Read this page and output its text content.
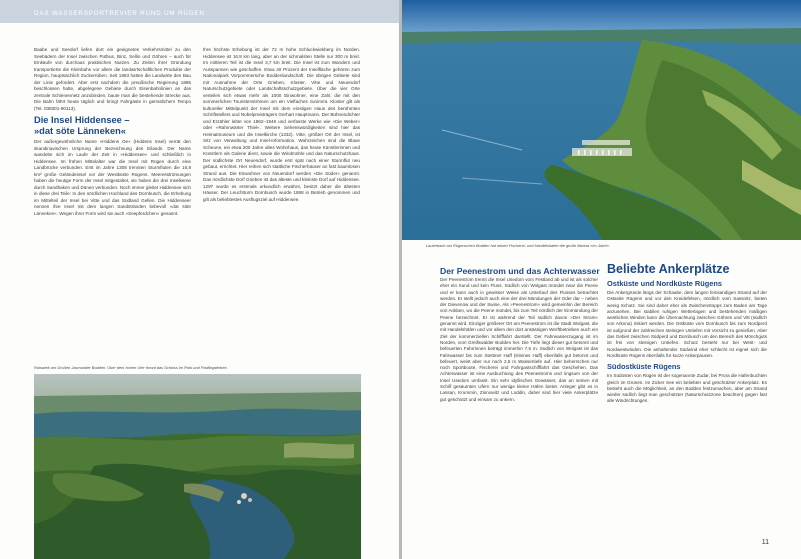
DAS WASSERSPORTREVIER RUND UM RÜGEN

Baabe und Seedorf liefen dort ein geeignetes Verkehrsmittel zu den Seebädern der Insel zwischen Putbus, Binz, Sellin und Göhren – auch für Einkäufe von durchaus praktischen Nutzen. Zu Zeiten ihrer Gründung transportierte die Kleinbahn vor allem die landwirtschaftlichen Produkte der Region, hauptsächlich Zuckerrüben. Seit 1883 hatten die Landwirte den Bau der Linie gefordert. Aber erst nachdem die preußische Regierung 1895 beschlossen hatte, abgelegene Gebiete durch Eisenbahnlinien an das zentrale Schienennetz anzubinden, baute man die bestehende Strecke aus. Die Bahn fährt heute täglich und bringt Fahrgäste in gemütlichem Tempo (Tel. 038301-80113).

Die Insel Hiddensee –
»dat söte Länneken«

Der außergewöhnliche Name »Hiddens Oe« (Hiddens Insel) verrät den skandinavischen Ursprung der Bezeichnung des Eilands. Der Name wandelte sich im Laufe der Zeit in »Hiddensee« und schließlich in Hiddensee. Im frühen Mittelalter war die Insel mit Rügen durch eine Landbrücke verbunden. Erst im Jahre 1308 trennten Sturmfluten die 16,8 km² große Geländeinsel vor der Westküste Rügens. Meeresströmungen haben die heutige Form der Insel mitgestaltet, sie haben die drei Inselkerne durch Sandhaken und Dünen verbunden. Noch immer gleitet Hiddensee sich in diese drei Teile: In den nördlichen Hochland des Dornbusch, die Erhebung im Mittelteil der Insel bei Vitte und das Südland Gellen. Die Hiddenseer nennen ihre Insel mit dem langen Sandstränden liebevoll »dat söte Länneken«. Wegen ihrer Form wird sie auch »Seepferdchen« genannt.

Ihre höchste Erhebung ist der 72 m hohe Schluckwiekberg im Norden. Hiddensee ist 16,8 km lang, aber an der schmalsten Stelle nur 300 m breit. Im mittleren Teil ist die Insel 3,7 km breit. Die Insel ist zum Wandern und Ausspannen wie geschaffen. Etwa 40 Prozent der Inselfläche gehören zum Nationalpark Vorpommersche Boddenlandschaft. Die übrigen Gebiete sind mit Ausnahme der Orte Grieben, Kloster, Vitte und Neuendorf Naturschutzgebiete oder Landschaftsschutzgebiete. Über die vier Orte verteilen sich etwas mehr als 1000 Einwohner, eine Zahl, die mit den sommerlichen Touristenströmen um ein Vielfaches zunimmt. Kloster gilt als kultureller Mittelpunkt der Insel mit dem einstigen Haus des berühmten Schriftstellers und Nobelpreisträgers Gerhart Hauptmann. Der Bühnendichter und Erzähler lebte von 1862–1946 und verfasste Werke wie »Die Weber« oder »Rahmwärter Thiel«. Weitere Sehenswürdigkeiten sind hier das Heimatmuseum und die Inselkirche (1332). Vitte, größter Ort der Insel, ist Sitz von Verwaltung und Insel-Information. Wahrzeichen sind die Blaue Scheune, ein etwa 200 Jahre altes Wohnhaus, das heute Künstlerinnen und Künstlern als Galerie dient, sowie die Windmühle und das Naturschutzhaus. Der südlichste Ort Neuendorf, wurde erst spät nach einer Sturmflut neu gebaut, errichtet. Hier reihen sich stattliche Fischerhäuser an fast baumlosen Strand aus. Die Einwohner von Neuendorf werden »Die Süder« genannt. Das nördlichste Dorf Grieben ist das älteste und kleinste Dorf auf Hiddensee. 1297 wurde es erstmals urkundlich erwähnt, besitzt daher die ältesten Häuser. Der Leuchtturm Dornbusch wurde 1888 in Betrieb genommen und gilt als beliebtestes Ausflugsziel auf Hiddensee.

Ralswiek am Großen Jasmunder Bodden. Über dem hohen Ufer thront das Schloss im Park und Findlingsfelsen.
Lauterbach am Rügenschen Bodden hat neben Fischerei- und Handelshafen die große Marina »Im Jaich«.
Der Peenestrom und das Achterwasser

Der Peenestrom trennt die Insel Usedom vom Festland ab und ist als solcher eher ein Sund und kein Fluss. Südlich von Wolgast mündet zwar die Peene und er kann auch in gewisser Weise als Unterlauf des Flusses betrachtet werden. Er stellt jedoch auch eine der drei Mündungen der Oder dar – neben der Dievenow und der Swine. Als »Peenestrom« wird gemeinhin der Bereich von Anklam, wo die Peene mündet, bis zum Teil nördlich der Einmündung der Peene bezeichnet. Er ist während der Teil südlich davon »Der Strom« genannt wird. Einziger größerer Ort am Peenestrom ist die Stadt Wolgast, die mit Handelshäfen und vor allem den dort ansässigen Werftbetrieben auch ein Ziel der kommerziellen Schifffahrt darstellt. Der Fahrwasserzugang ist im Norden, vom Greifswalder Bodden her. Die Tiefe liegt dieser gut betonnt und befeuerten Fahrrinnen beträgt immerhin 7,5 m. Südlich von Wolgast ist das Fahrwasser bis zum Stettiner Haff (Kleines Haff) ebenfalls gut betonnt und befeuert, weist aber nur noch 2,5 m Wassertiefe auf. Hier beherrschen nur noch Sportboote, Fischerei und Fahrgastschifffahrt das Geschehen. Das Achterwasser ist eine Ausbuchtung des Peenestroms und ringsum von der Insel Usedom umfasst. Ein sehr idyllisches Gewässer, das an seinen mit Schilf gesäumten Ufern nur wenige kleine Häfen bietet. Anleger gibt es in Lassan, Krummin, Zinnowitz und Loddin, daher sind hier viele Ankerplätze gut geschützt und einsam zu ankern.

Beliebte Ankerplätze
Ostküste und Nordküste Rügens

Die Ankergründe längs der Schaabe, dem langen feinsandigen Strand auf der Ostseite Rügens und vor den Kreidefelsen, nördlich vom Sassnitz, bieten wenig Schutz. Sie sind daher eher als Zwischenstopps zum Baden am Tage anzusehen. Bei stabilen ruhigen Wetterlagen und bestehenden mäßigen westlichen Winden kann die Übernachtung zwischen Göhren und Vitt (südlich von Arkona) riskiert werden. Die Ostküste vom Dornbusch bis zum Nordperd ist aufgrund der zahlreichen steinigen Untiefen mit Vorsicht zu genießen. Aber das Gebiet zwischen Südperd und Dornbusch um den Bereich des Mönchguts ist frei von steinigen Untiefen. Schutz besteht nur bei West- und Nordwestwinden. Die anhaltender Südwind eher schlecht ist eignet sich die Nordküste Rügens ebenfalls für kurze Ankerpausen.

Südostküste Rügens

Im Südosten von Rügen ist der sogenannte Zudar, bei Prora die Hafenbuchten gleich im Grünen. Im Zicker See ein beliebter und geschützter Ankerplatz. Es besteht auch die Möglichkeit, an den Bodden festzumachen, aber am Strand wieder südlich liegt man geschützter (Naturschutzzone beachten) gegen fast alle Windrichtungen.

11
